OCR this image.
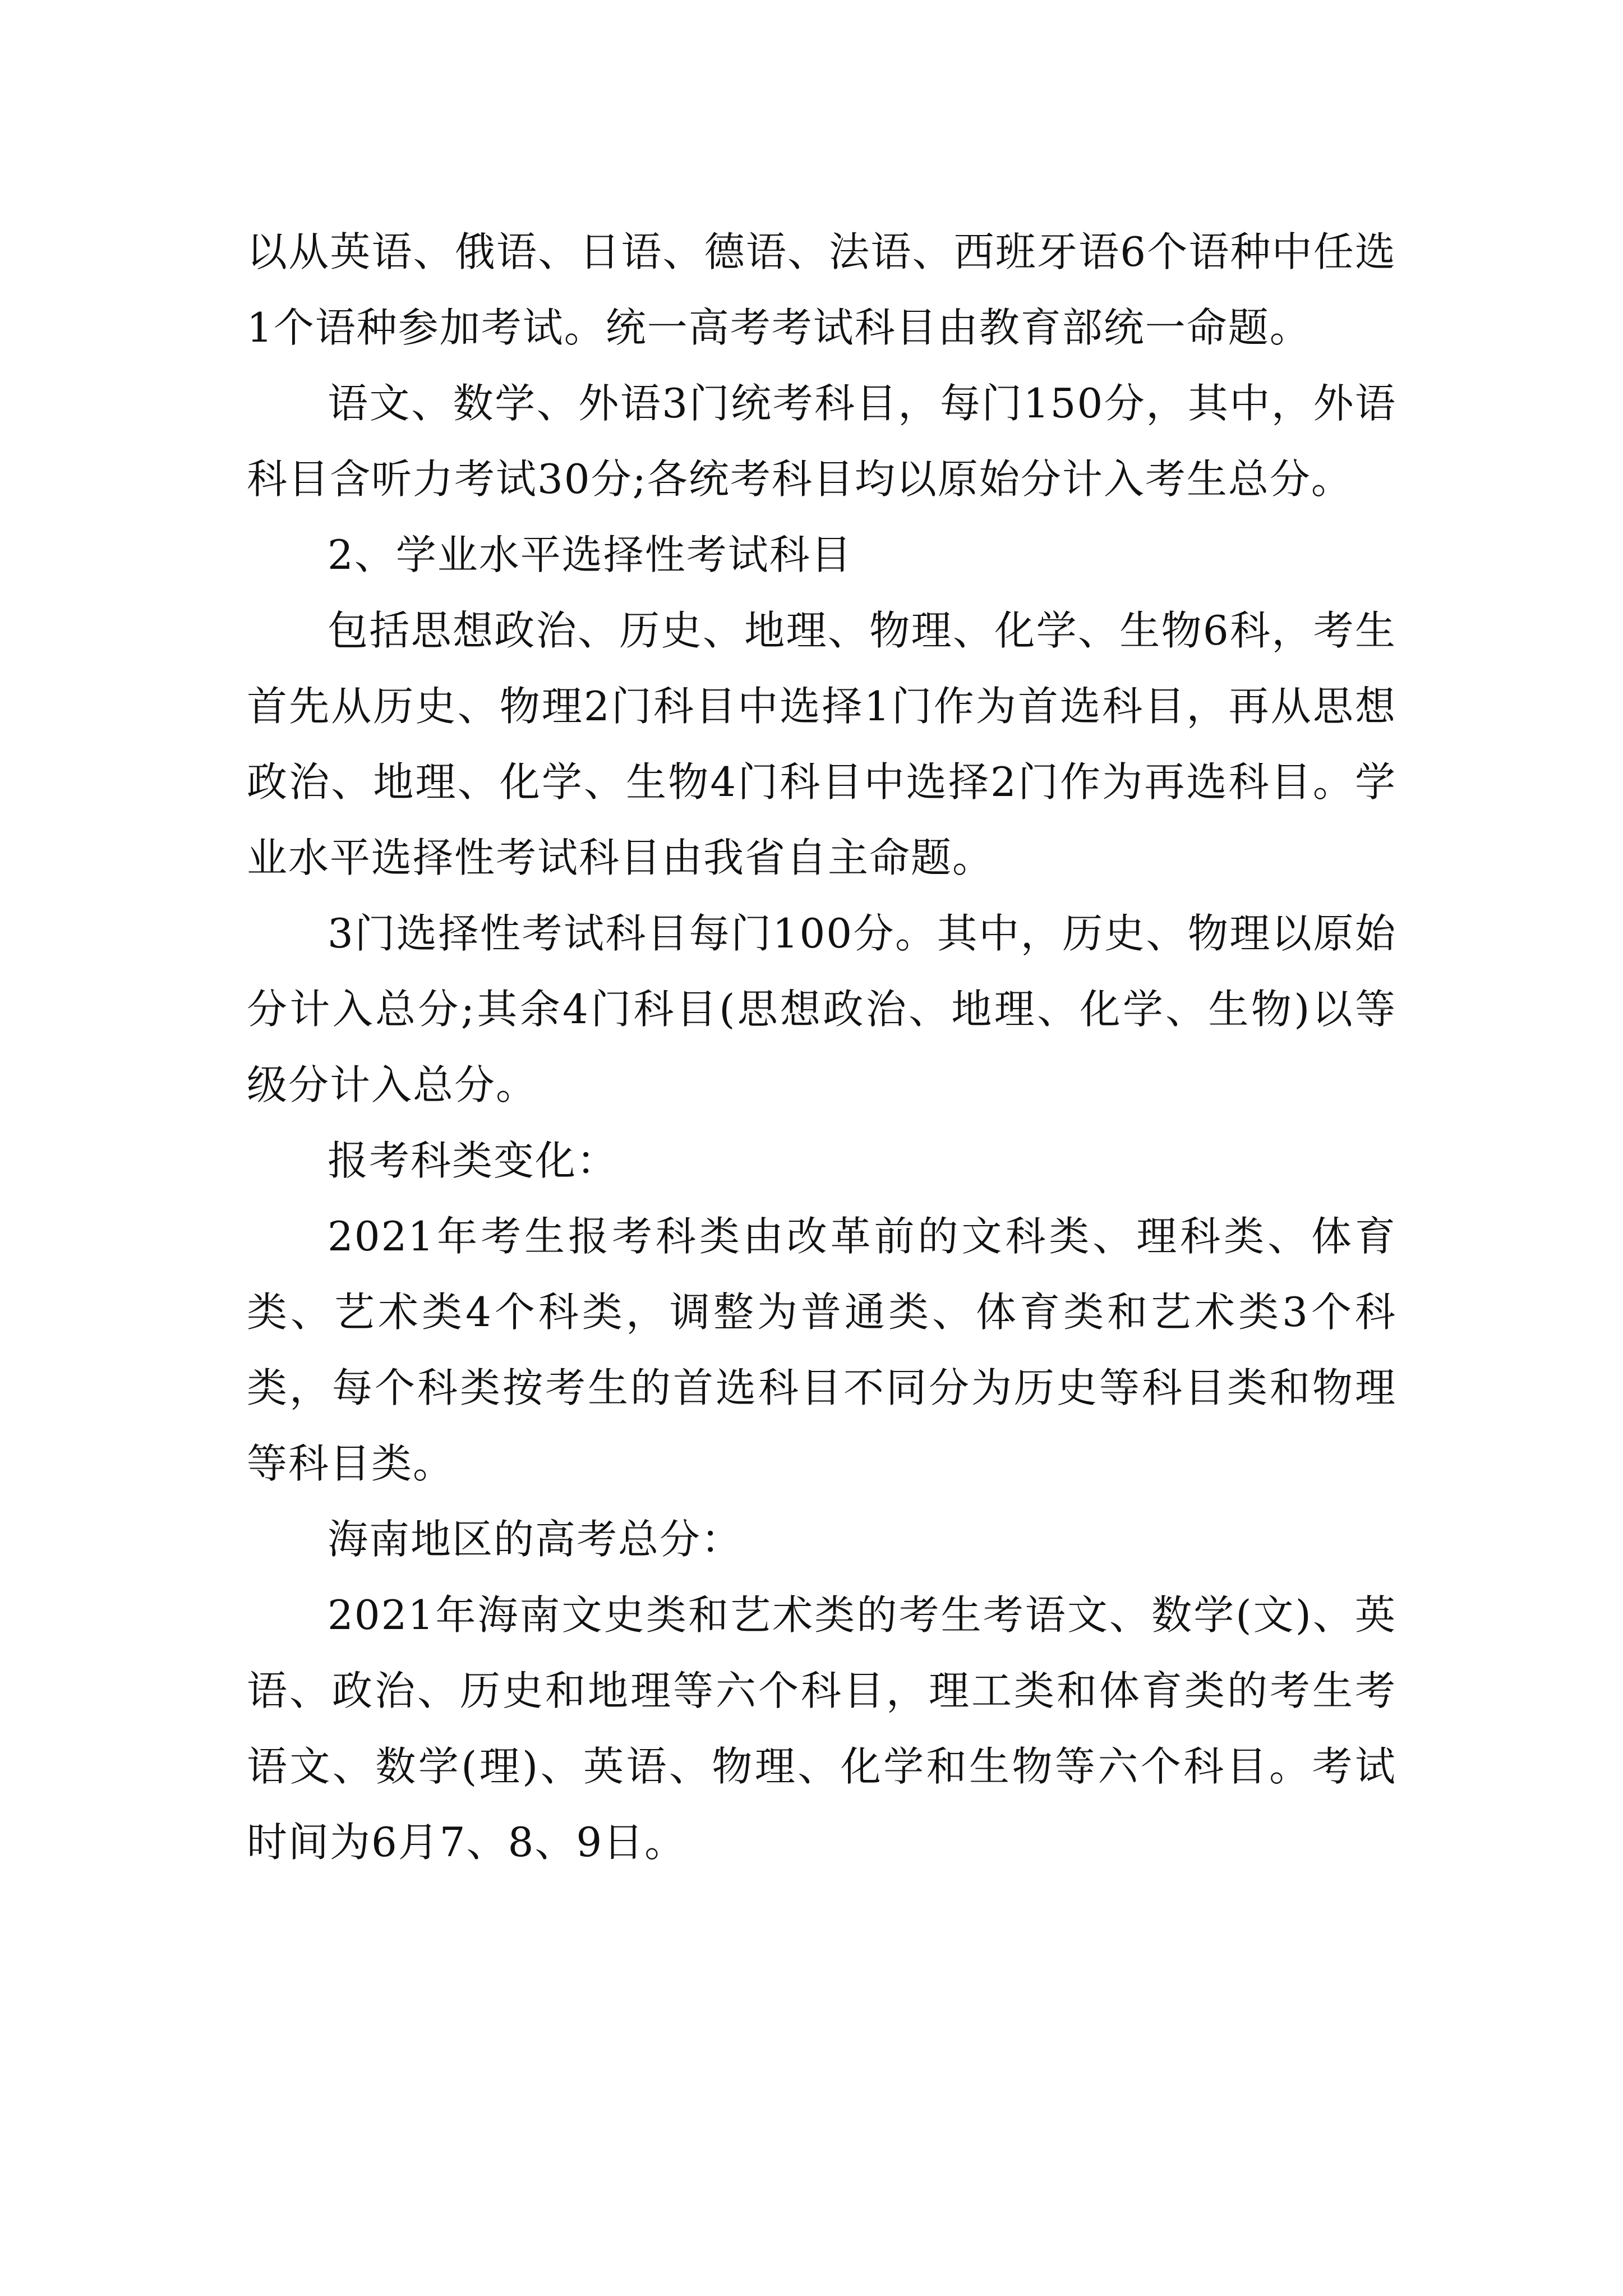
以从英语、俄语、日语、德语、法语、西班牙语6个语种中任选1个语种参加考试。统一高考考试科目由教育部统一命题。

语文、数学、外语3门统考科目，每门150分，其中，外语科目含听力考试30分;各统考科目均以原始分计入考生总分。

2、学业水平选择性考试科目

包括思想政治、历史、地理、物理、化学、生物6科，考生首先从历史、物理2门科目中选择1门作为首选科目，再从思想政治、地理、化学、生物4门科目中选择2门作为再选科目。学业水平选择性考试科目由我省自主命题。

3门选择性考试科目每门100分。其中，历史、物理以原始分计入总分;其余4门科目(思想政治、地理、化学、生物)以等级分计入总分。

报考科类变化：

2021年考生报考科类由改革前的文科类、理科类、体育类、艺术类4个科类，调整为普通类、体育类和艺术类3个科类，每个科类按考生的首选科目不同分为历史等科目类和物理等科目类。

海南地区的高考总分：

2021年海南文史类和艺术类的考生考语文、数学(文)、英语、政治、历史和地理等六个科目，理工类和体育类的考生考语文、数学(理)、英语、物理、化学和生物等六个科目。考试时间为6月7、8、9日。
